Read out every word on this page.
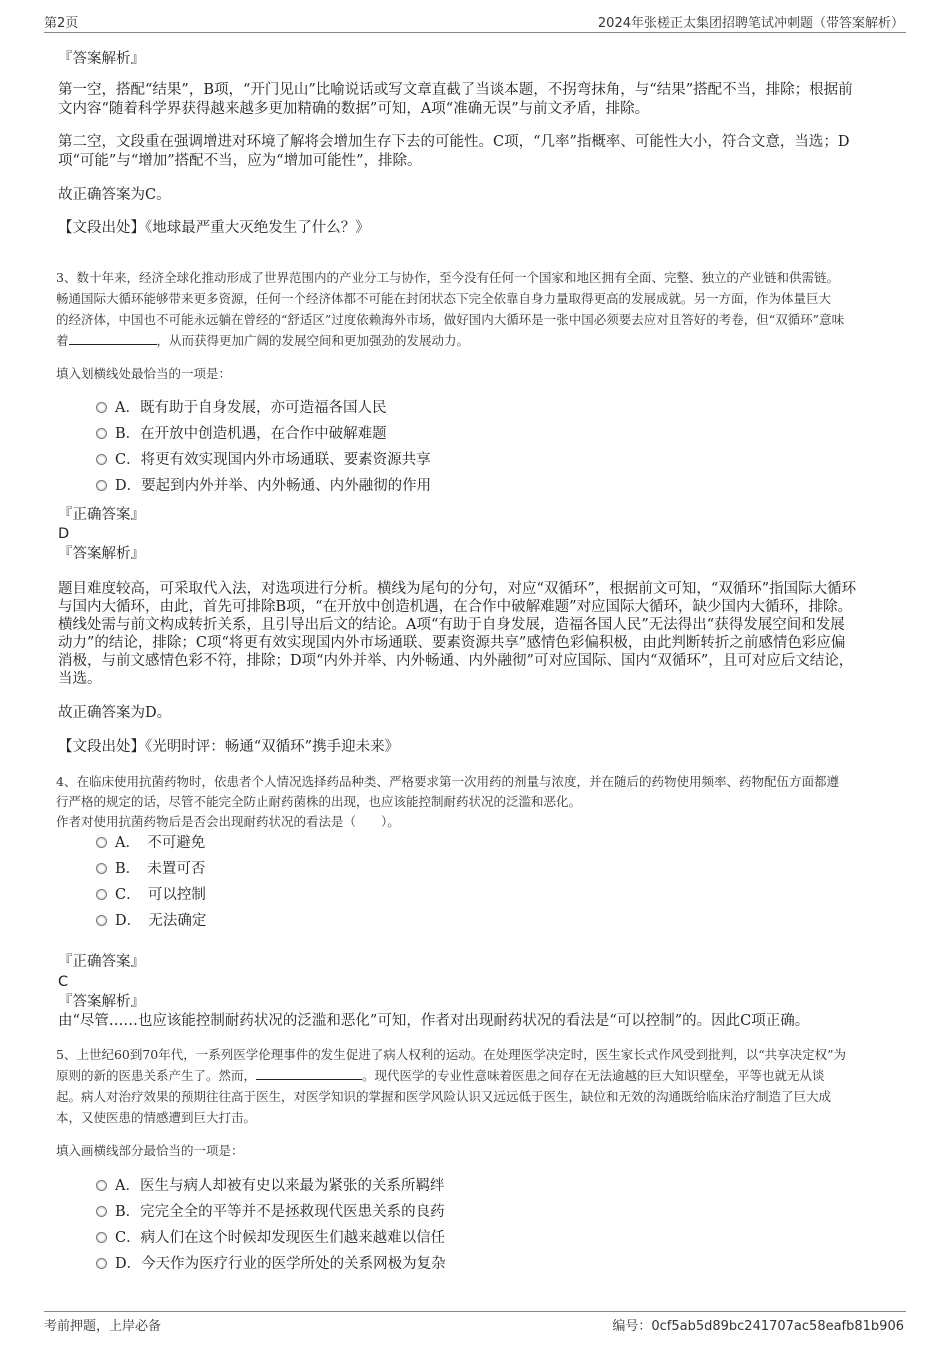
第2页	2024年张槎正太集团招聘笔试冲刺题（带答案解析）
『答案解析』
第一空，搭配“结果”，B项，“开门见山”比喻说话或写文章直截了当谈本题，不拐弯抹角，与“结果”搭配不当，排除；根据前
文内容“随着科学界获得越来越多更加精确的数据”可知，A项“准确无误”与前文矛盾，排除。
第二空，文段重在强调增进对环境了解将会增加生存下去的可能性。C项，“几率”指概率、可能性大小，符合文意，当选；D
项“可能”与“增加”搭配不当，应为“增加可能性”，排除。
故正确答案为C。
【文段出处】《地球最严重大灭绝发生了什么？》
3、数十年来，经济全球化推动形成了世界范围内的产业分工与协作，至今没有任何一个国家和地区拥有全面、完整、独立的产业链和供需链。
畅通国际大循环能够带来更多资源，任何一个经济体都不可能在封闭状态下完全依靠自身力量取得更高的发展成就。另一方面，作为体量巨大
的经济体，中国也不可能永远躺在曾经的“舒适区”过度依赖海外市场，做好国内大循环是一张中国必须要去应对且答好的考卷，但“双循环”意味
着	，从而获得更加广阔的发展空间和更加强劲的发展动力。
填入划横线处最恰当的一项是：
A．既有助于自身发展，亦可造福各国人民
B．在开放中创造机遇，在合作中破解难题
C．将更有效实现国内外市场通联、要素资源共享
D．要起到内外并举、内外畅通、内外融彻的作用
『正确答案』
D
『答案解析』
题目难度较高，可采取代入法，对选项进行分析。横线为尾句的分句，对应“双循环”，根据前文可知，“双循环”指国际大循环
与国内大循环，由此，首先可排除B项，“在开放中创造机遇，在合作中破解难题”对应国际大循环，缺少国内大循环，排除。
横线处需与前文构成转折关系，且引导出后文的结论。A项“有助于自身发展，造福各国人民”无法得出“获得发展空间和发展
动力”的结论，排除；C项“将更有效实现国内外市场通联、要素资源共享”感情色彩偏积极，由此判断转折之前感情色彩应偏
消极，与前文感情色彩不符，排除；D项“内外并举、内外畅通、内外融彻”可对应国际、国内“双循环”，且可对应后文结论，
当选。
故正确答案为D。
【文段出处】《光明时评：畅通“双循环”携手迎未来》
4、在临床使用抗菌药物时，依患者个人情况选择药品种类、严格要求第一次用药的剂量与浓度，并在随后的药物使用频率、药物配伍方面都遵
行严格的规定的话，尽管不能完全防止耐药菌株的出现，也应该能控制耐药状况的泛滥和恶化。
作者对使用抗菌药物后是否会出现耐药状况的看法是（　　）。
A．　不可避免
B．　未置可否
C．　可以控制
D．　无法确定
『正确答案』
C
『答案解析』
由“尽管……也应该能控制耐药状况的泛滥和恶化”可知，作者对出现耐药状况的看法是“可以控制”的。因此C项正确。
5、上世纪60到70年代，一系列医学伦理事件的发生促进了病人权利的运动。在处理医学决定时，医生家长式作风受到批判，以“共享决定权”为
原则的新的医患关系产生了。然而，	。现代医学的专业性意味着医患之间存在无法逾越的巨大知识壁垒，平等也就无从谈
起。病人对治疗效果的预期往往高于医生，对医学知识的掌握和医学风险认识又远远低于医生，缺位和无效的沟通既给临床治疗制造了巨大成
本，又使医患的情感遭到巨大打击。
填入画横线部分最恰当的一项是：
A．医生与病人却被有史以来最为紧张的关系所羁绊
B．完完全全的平等并不是拯救现代医患关系的良药
C．病人们在这个时候却发现医生们越来越难以信任
D．今天作为医疗行业的医学所处的关系网极为复杂
考前押题，上岸必备	编号：0cf5ab5d89bc241707ac58eafb81b906
